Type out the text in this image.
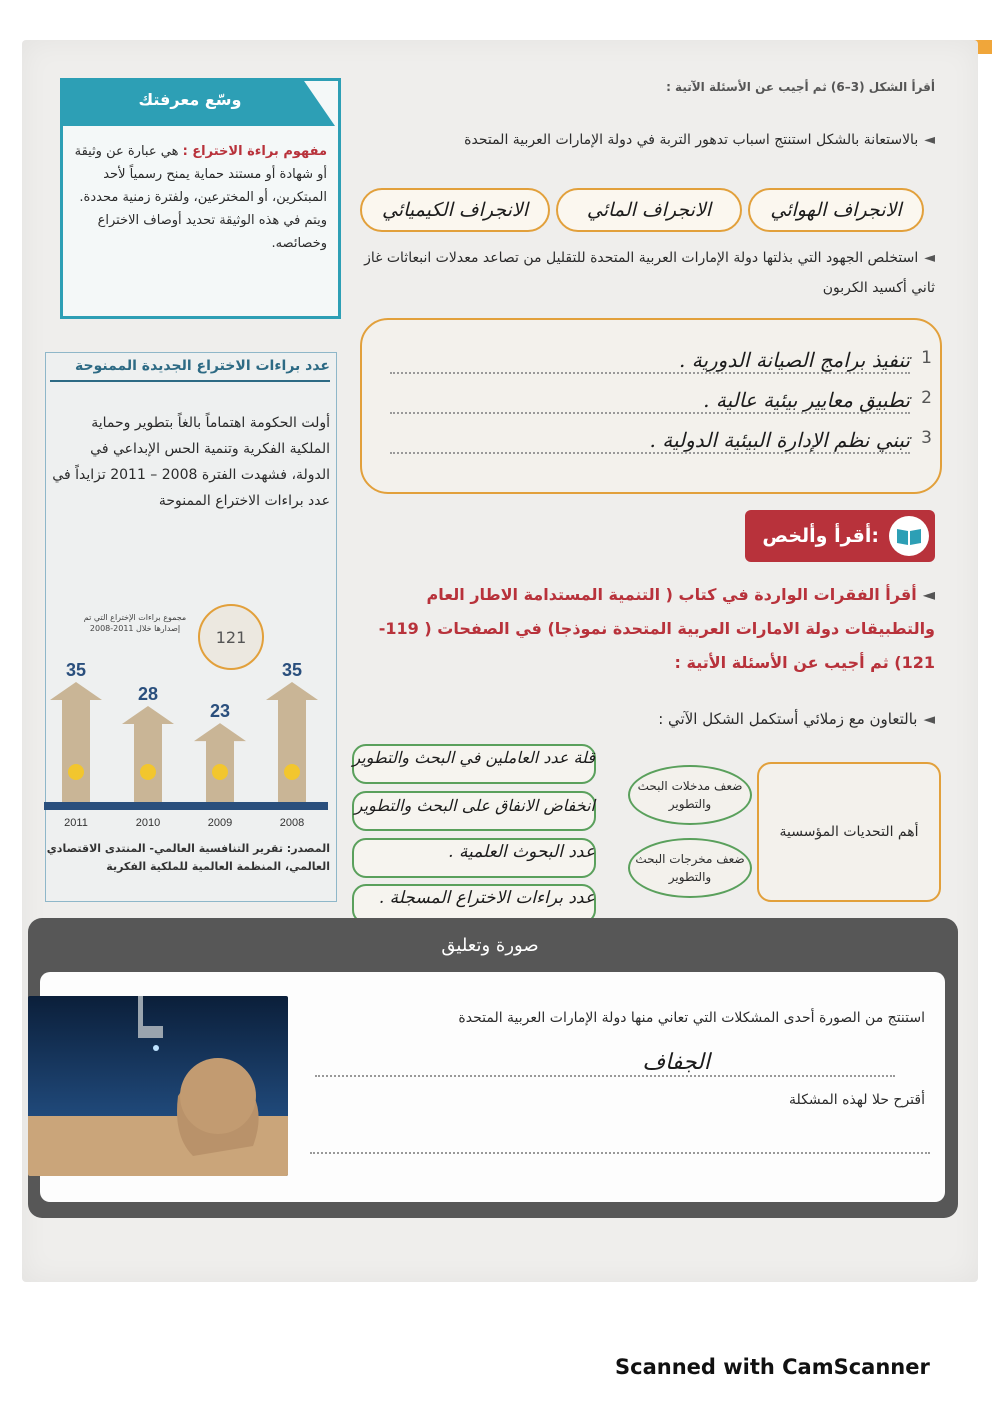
أقرأ الشكل (3–6) ثم أجيب عن الأسئلة الآتية :
◄بالاستعانة بالشكل استنتج اسباب تدهور التربة في دولة الإمارات العربية المتحدة
الانجراف الهوائي
الانجراف المائي
الانجراف الكيميائي
◄استخلص الجهود التي بذلتها دولة الإمارات العربية المتحدة للتقليل من تصاعد معدلات انبعاثات غاز ثاني أكسيد الكربون
1
تنفيذ برامج الصيانة الدورية .
2
تطبيق معايير بيئية عالية .
3
تبني نظم الإدارة البيئية الدولية .
أقرأ وألخص:
◄أقرأ الفقرات الواردة في كتاب ( التنمية المستدامة الاطار العام والتطبيقات دولة الامارات العربية المتحدة نموذجا) في الصفحات ( 119-121) ثم أجيب عن الأسئلة الأتية :
◄بالتعاون مع زملائي أستكمل الشكل الآتي :
أهم التحديات المؤسسية
ضعف مدخلات البحث والتطوير
ضعف مخرجات البحث والتطوير
قلة عدد العاملين في البحث والتطوير
انخفاض الانفاق على البحث والتطوير
عدد البحوث العلمية .
عدد براءات الاختراع المسجلة .
وسّع معرفتك
مفهوم براءة الاختراع : هي عبارة عن وثيقة أو شهادة أو مستند حماية يمنح رسمياً لأحد المبتكرين، أو المخترعين، ولفترة زمنية محددة. ويتم في هذه الوثيقة تحديد أوصاف الاختراع وخصائصه.
عدد براءات الاختراع الجديدة الممنوحة
أولت الحكومة اهتماماً بالغاً بتطوير وحماية الملكية الفكرية وتنمية الحس الإبداعي في الدولة، فشهدت الفترة 2008 – 2011 تزايداً في عدد براءات الاختراع الممنوحة
مجموع براءات الإختراع التي تم إصدارها خلال 2011-2008	121
35
2011
28
2010
23
2009
35
2008
المصدر: تقرير التنافسية العالمي- المنتدى الاقتصادي العالمي، المنظمة العالمية للملكية الفكرية
صورة وتعليق
استنتج من الصورة أحدى المشكلات التي تعاني منها دولة الإمارات العربية المتحدة
الجفاف
أقترح حلا لهذه المشكلة
Scanned with CamScanner
